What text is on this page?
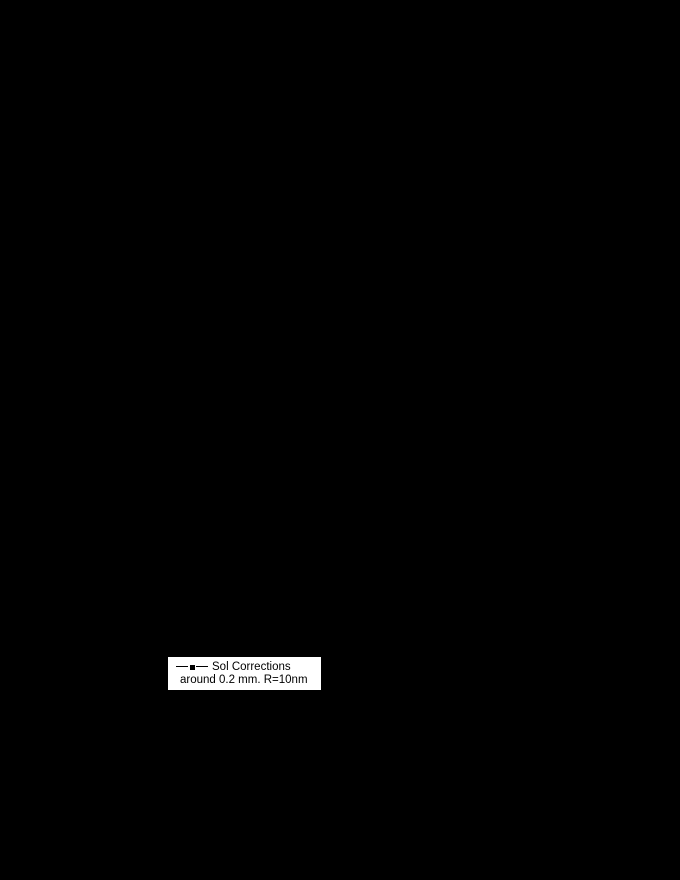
Sol Corrections
around 0.2 mm. R=10nm
